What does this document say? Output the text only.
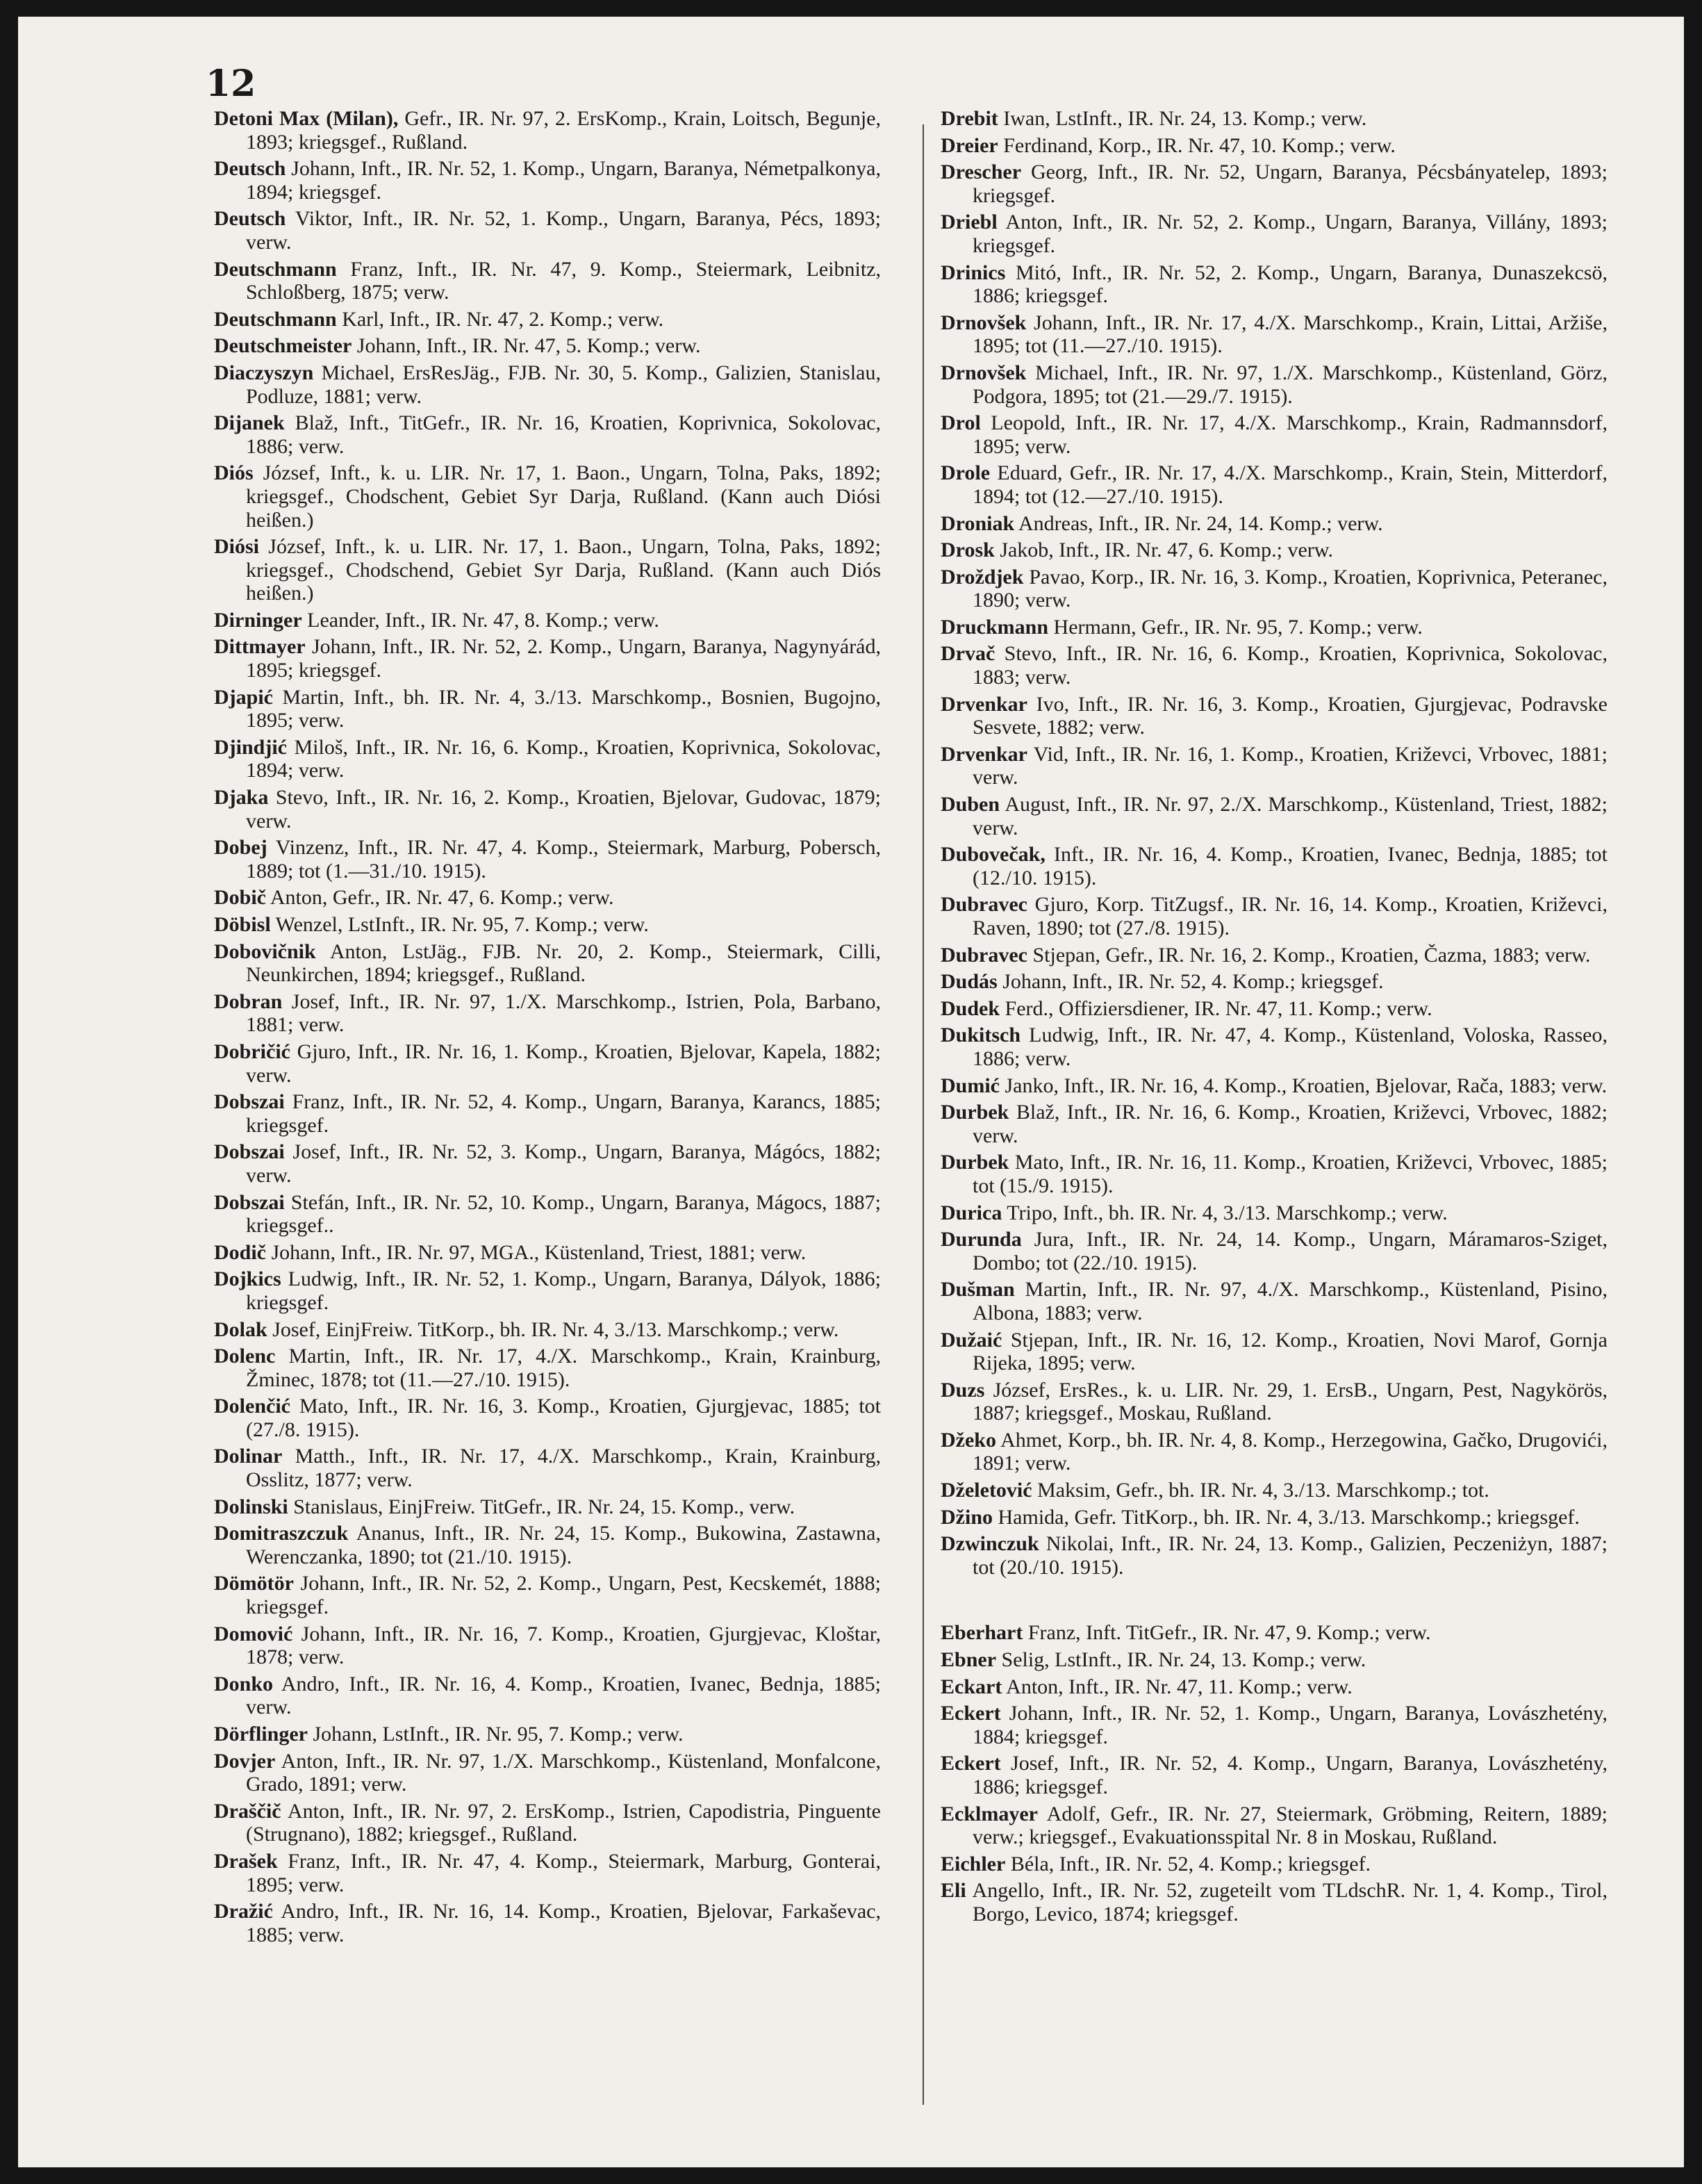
12

Detoni Max (Milan), Gefr., IR. Nr. 97, 2. ErsKomp., Krain, Loitsch, Begunje, 1893; kriegsgef., Rußland.

Deutsch Johann, Inft., IR. Nr. 52, 1. Komp., Ungarn, Baranya, Németpalkonya, 1894; kriegsgef.

Deutsch Viktor, Inft., IR. Nr. 52, 1. Komp., Ungarn, Baranya, Pécs, 1893; verw.

Deutschmann Franz, Inft., IR. Nr. 47, 9. Komp., Steiermark, Leibnitz, Schloßberg, 1875; verw.

Deutschmann Karl, Inft., IR. Nr. 47, 2. Komp.; verw.

Deutschmeister Johann, Inft., IR. Nr. 47, 5. Komp.; verw.

Diaczyszyn Michael, ErsResJäg., FJB. Nr. 30, 5. Komp., Galizien, Stanislau, Podluze, 1881; verw.

Dijanek Blaž, Inft., TitGefr., IR. Nr. 16, Kroatien, Koprivnica, Sokolovac, 1886; verw.

Diós József, Inft., k. u. LIR. Nr. 17, 1. Baon., Ungarn, Tolna, Paks, 1892; kriegsgef., Chodschent, Gebiet Syr Darja, Rußland. (Kann auch Diósi heißen.)

Diósi József, Inft., k. u. LIR. Nr. 17, 1. Baon., Ungarn, Tolna, Paks, 1892; kriegsgef., Chodschend, Gebiet Syr Darja, Rußland. (Kann auch Diós heißen.)

Dirninger Leander, Inft., IR. Nr. 47, 8. Komp.; verw.

Dittmayer Johann, Inft., IR. Nr. 52, 2. Komp., Ungarn, Baranya, Nagynyárád, 1895; kriegsgef.

Djapić Martin, Inft., bh. IR. Nr. 4, 3./13. Marschkomp., Bosnien, Bugojno, 1895; verw.

Djindjić Miloš, Inft., IR. Nr. 16, 6. Komp., Kroatien, Koprivnica, Sokolovac, 1894; verw.

Djaka Stevo, Inft., IR. Nr. 16, 2. Komp., Kroatien, Bjelovar, Gudovac, 1879; verw.

Dobej Vinzenz, Inft., IR. Nr. 47, 4. Komp., Steiermark, Marburg, Pobersch, 1889; tot (1.—31./10. 1915).

Dobič Anton, Gefr., IR. Nr. 47, 6. Komp.; verw.

Döbisl Wenzel, LstInft., IR. Nr. 95, 7. Komp.; verw.

Dobovičnik Anton, LstJäg., FJB. Nr. 20, 2. Komp., Steiermark, Cilli, Neunkirchen, 1894; kriegsgef., Rußland.

Dobran Josef, Inft., IR. Nr. 97, 1./X. Marschkomp., Istrien, Pola, Barbano, 1881; verw.

Dobričić Gjuro, Inft., IR. Nr. 16, 1. Komp., Kroatien, Bjelovar, Kapela, 1882; verw.

Dobszai Franz, Inft., IR. Nr. 52, 4. Komp., Ungarn, Baranya, Karancs, 1885; kriegsgef.

Dobszai Josef, Inft., IR. Nr. 52, 3. Komp., Ungarn, Baranya, Mágócs, 1882; verw.

Dobszai Stefán, Inft., IR. Nr. 52, 10. Komp., Ungarn, Baranya, Mágocs, 1887; kriegsgef..

Dodič Johann, Inft., IR. Nr. 97, MGA., Küstenland, Triest, 1881; verw.

Dojkics Ludwig, Inft., IR. Nr. 52, 1. Komp., Ungarn, Baranya, Dályok, 1886; kriegsgef.

Dolak Josef, EinjFreiw. TitKorp., bh. IR. Nr. 4, 3./13. Marschkomp.; verw.

Dolenc Martin, Inft., IR. Nr. 17, 4./X. Marschkomp., Krain, Krainburg, Žminec, 1878; tot (11.—27./10. 1915).

Dolenčić Mato, Inft., IR. Nr. 16, 3. Komp., Kroatien, Gjurgjevac, 1885; tot (27./8. 1915).

Dolinar Matth., Inft., IR. Nr. 17, 4./X. Marschkomp., Krain, Krainburg, Osslitz, 1877; verw.

Dolinski Stanislaus, EinjFreiw. TitGefr., IR. Nr. 24, 15. Komp., verw.

Domitraszczuk Ananus, Inft., IR. Nr. 24, 15. Komp., Bukowina, Zastawna, Werenczanka, 1890; tot (21./10. 1915).

Dömötör Johann, Inft., IR. Nr. 52, 2. Komp., Ungarn, Pest, Kecskemét, 1888; kriegsgef.

Domović Johann, Inft., IR. Nr. 16, 7. Komp., Kroatien, Gjurgjevac, Kloštar, 1878; verw.

Donko Andro, Inft., IR. Nr. 16, 4. Komp., Kroatien, Ivanec, Bednja, 1885; verw.

Dörflinger Johann, LstInft., IR. Nr. 95, 7. Komp.; verw.

Dovjer Anton, Inft., IR. Nr. 97, 1./X. Marschkomp., Küstenland, Monfalcone, Grado, 1891; verw.

Draščič Anton, Inft., IR. Nr. 97, 2. ErsKomp., Istrien, Capodistria, Pinguente (Strugnano), 1882; kriegsgef., Rußland.

Drašek Franz, Inft., IR. Nr. 47, 4. Komp., Steiermark, Marburg, Gonterai, 1895; verw.

Dražić Andro, Inft., IR. Nr. 16, 14. Komp., Kroatien, Bjelovar, Farkaševac, 1885; verw.

Drebit Iwan, LstInft., IR. Nr. 24, 13. Komp.; verw.

Dreier Ferdinand, Korp., IR. Nr. 47, 10. Komp.; verw.

Drescher Georg, Inft., IR. Nr. 52, Ungarn, Baranya, Pécsbányatelep, 1893; kriegsgef.

Driebl Anton, Inft., IR. Nr. 52, 2. Komp., Ungarn, Baranya, Villány, 1893; kriegsgef.

Drinics Mitó, Inft., IR. Nr. 52, 2. Komp., Ungarn, Baranya, Dunaszekcsö, 1886; kriegsgef.

Drnovšek Johann, Inft., IR. Nr. 17, 4./X. Marschkomp., Krain, Littai, Aržiše, 1895; tot (11.—27./10. 1915).

Drnovšek Michael, Inft., IR. Nr. 97, 1./X. Marschkomp., Küstenland, Görz, Podgora, 1895; tot (21.—29./7. 1915).

Drol Leopold, Inft., IR. Nr. 17, 4./X. Marschkomp., Krain, Radmannsdorf, 1895; verw.

Drole Eduard, Gefr., IR. Nr. 17, 4./X. Marschkomp., Krain, Stein, Mitterdorf, 1894; tot (12.—27./10. 1915).

Droniak Andreas, Inft., IR. Nr. 24, 14. Komp.; verw.

Drosk Jakob, Inft., IR. Nr. 47, 6. Komp.; verw.

Droždjek Pavao, Korp., IR. Nr. 16, 3. Komp., Kroatien, Koprivnica, Peteranec, 1890; verw.

Druckmann Hermann, Gefr., IR. Nr. 95, 7. Komp.; verw.

Drvač Stevo, Inft., IR. Nr. 16, 6. Komp., Kroatien, Koprivnica, Sokolovac, 1883; verw.

Drvenkar Ivo, Inft., IR. Nr. 16, 3. Komp., Kroatien, Gjurgjevac, Podravske Sesvete, 1882; verw.

Drvenkar Vid, Inft., IR. Nr. 16, 1. Komp., Kroatien, Križevci, Vrbovec, 1881; verw.

Duben August, Inft., IR. Nr. 97, 2./X. Marschkomp., Küstenland, Triest, 1882; verw.

Dubovečak, Inft., IR. Nr. 16, 4. Komp., Kroatien, Ivanec, Bednja, 1885; tot (12./10. 1915).

Dubravec Gjuro, Korp. TitZugsf., IR. Nr. 16, 14. Komp., Kroatien, Križevci, Raven, 1890; tot (27./8. 1915).

Dubravec Stjepan, Gefr., IR. Nr. 16, 2. Komp., Kroatien, Čazma, 1883; verw.

Dudás Johann, Inft., IR. Nr. 52, 4. Komp.; kriegsgef.

Dudek Ferd., Offiziersdiener, IR. Nr. 47, 11. Komp.; verw.

Dukitsch Ludwig, Inft., IR. Nr. 47, 4. Komp., Küstenland, Voloska, Rasseo, 1886; verw.

Dumić Janko, Inft., IR. Nr. 16, 4. Komp., Kroatien, Bjelovar, Rača, 1883; verw.

Durbek Blaž, Inft., IR. Nr. 16, 6. Komp., Kroatien, Križevci, Vrbovec, 1882; verw.

Durbek Mato, Inft., IR. Nr. 16, 11. Komp., Kroatien, Križevci, Vrbovec, 1885; tot (15./9. 1915).

Durica Tripo, Inft., bh. IR. Nr. 4, 3./13. Marschkomp.; verw.

Durunda Jura, Inft., IR. Nr. 24, 14. Komp., Ungarn, Máramaros-Sziget, Dombo; tot (22./10. 1915).

Dušman Martin, Inft., IR. Nr. 97, 4./X. Marschkomp., Küstenland, Pisino, Albona, 1883; verw.

Dužaić Stjepan, Inft., IR. Nr. 16, 12. Komp., Kroatien, Novi Marof, Gornja Rijeka, 1895; verw.

Duzs József, ErsRes., k. u. LIR. Nr. 29, 1. ErsB., Ungarn, Pest, Nagykörös, 1887; kriegsgef., Moskau, Rußland.

Džeko Ahmet, Korp., bh. IR. Nr. 4, 8. Komp., Herzegowina, Gačko, Drugovići, 1891; verw.

Dželetović Maksim, Gefr., bh. IR. Nr. 4, 3./13. Marschkomp.; tot.

Džino Hamida, Gefr. TitKorp., bh. IR. Nr. 4, 3./13. Marschkomp.; kriegsgef.

Dzwinczuk Nikolai, Inft., IR. Nr. 24, 13. Komp., Galizien, Peczeniżyn, 1887; tot (20./10. 1915).

Eberhart Franz, Inft. TitGefr., IR. Nr. 47, 9. Komp.; verw.

Ebner Selig, LstInft., IR. Nr. 24, 13. Komp.; verw.

Eckart Anton, Inft., IR. Nr. 47, 11. Komp.; verw.

Eckert Johann, Inft., IR. Nr. 52, 1. Komp., Ungarn, Baranya, Lovászhetény, 1884; kriegsgef.

Eckert Josef, Inft., IR. Nr. 52, 4. Komp., Ungarn, Baranya, Lovászhetény, 1886; kriegsgef.

Ecklmayer Adolf, Gefr., IR. Nr. 27, Steiermark, Gröbming, Reitern, 1889; verw.; kriegsgef., Evakuationsspital Nr. 8 in Moskau, Rußland.

Eichler Béla, Inft., IR. Nr. 52, 4. Komp.; kriegsgef.

Eli Angello, Inft., IR. Nr. 52, zugeteilt vom TLdschR. Nr. 1, 4. Komp., Tirol, Borgo, Levico, 1874; kriegsgef.
